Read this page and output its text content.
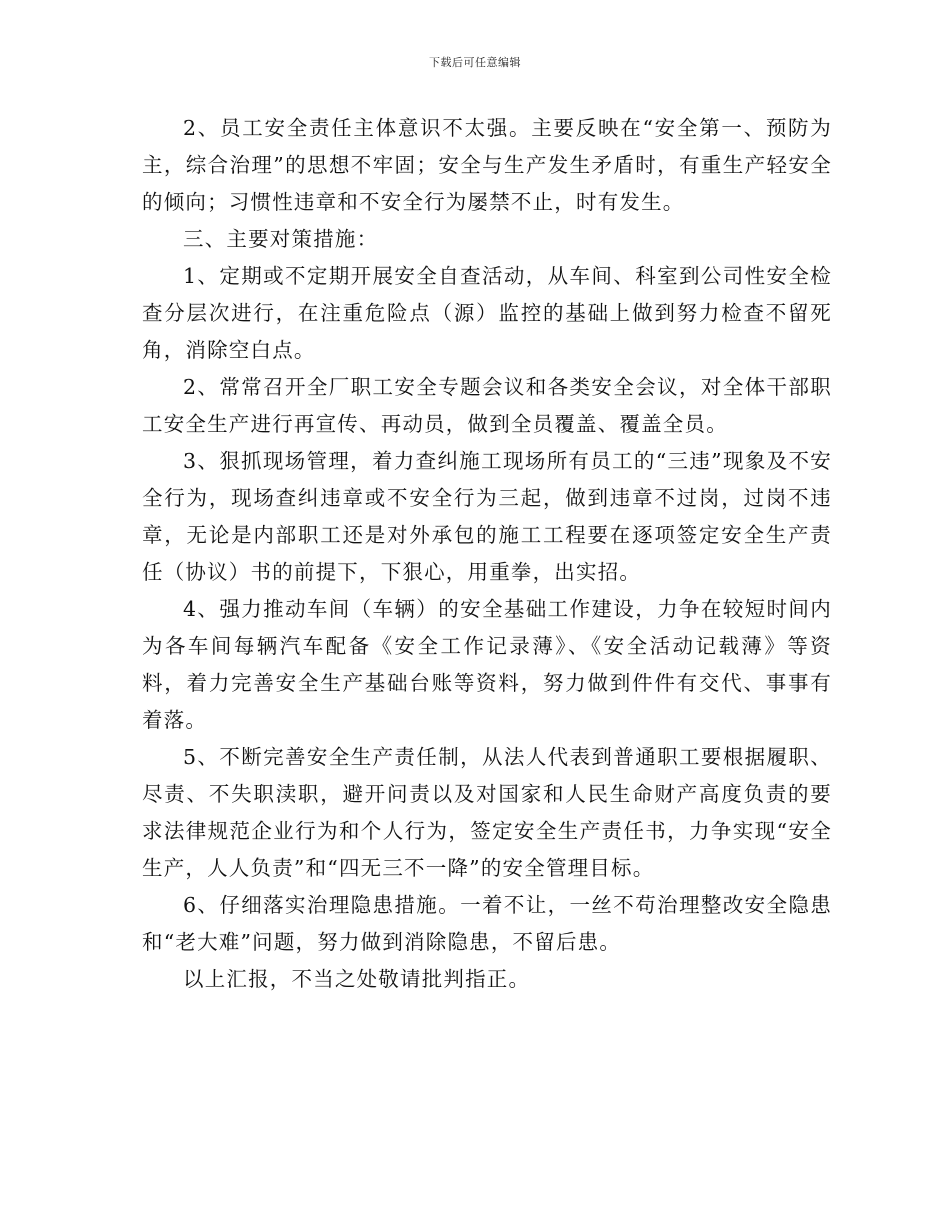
下载后可任意编辑

2、员工安全责任主体意识不太强。主要反映在“安全第一、预防为主，综合治理”的思想不牢固；安全与生产发生矛盾时，有重生产轻安全的倾向；习惯性违章和不安全行为屡禁不止，时有发生。

三、主要对策措施：

1、定期或不定期开展安全自查活动，从车间、科室到公司性安全检查分层次进行，在注重危险点（源）监控的基础上做到努力检查不留死角，消除空白点。

2、常常召开全厂职工安全专题会议和各类安全会议，对全体干部职工安全生产进行再宣传、再动员，做到全员覆盖、覆盖全员。

3、狠抓现场管理，着力查纠施工现场所有员工的“三违”现象及不安全行为，现场查纠违章或不安全行为三起，做到违章不过岗，过岗不违章，无论是内部职工还是对外承包的施工工程要在逐项签定安全生产责任（协议）书的前提下，下狠心，用重拳，出实招。

4、强力推动车间（车辆）的安全基础工作建设，力争在较短时间内为各车间每辆汽车配备《安全工作记录薄》、《安全活动记载薄》等资料，着力完善安全生产基础台账等资料，努力做到件件有交代、事事有着落。

5、不断完善安全生产责任制，从法人代表到普通职工要根据履职、尽责、不失职渎职，避开问责以及对国家和人民生命财产高度负责的要求法律规范企业行为和个人行为，签定安全生产责任书，力争实现“安全生产，人人负责”和“四无三不一降”的安全管理目标。

6、仔细落实治理隐患措施。一着不让，一丝不苟治理整改安全隐患和“老大难”问题，努力做到消除隐患，不留后患。

以上汇报，不当之处敬请批判指正。
